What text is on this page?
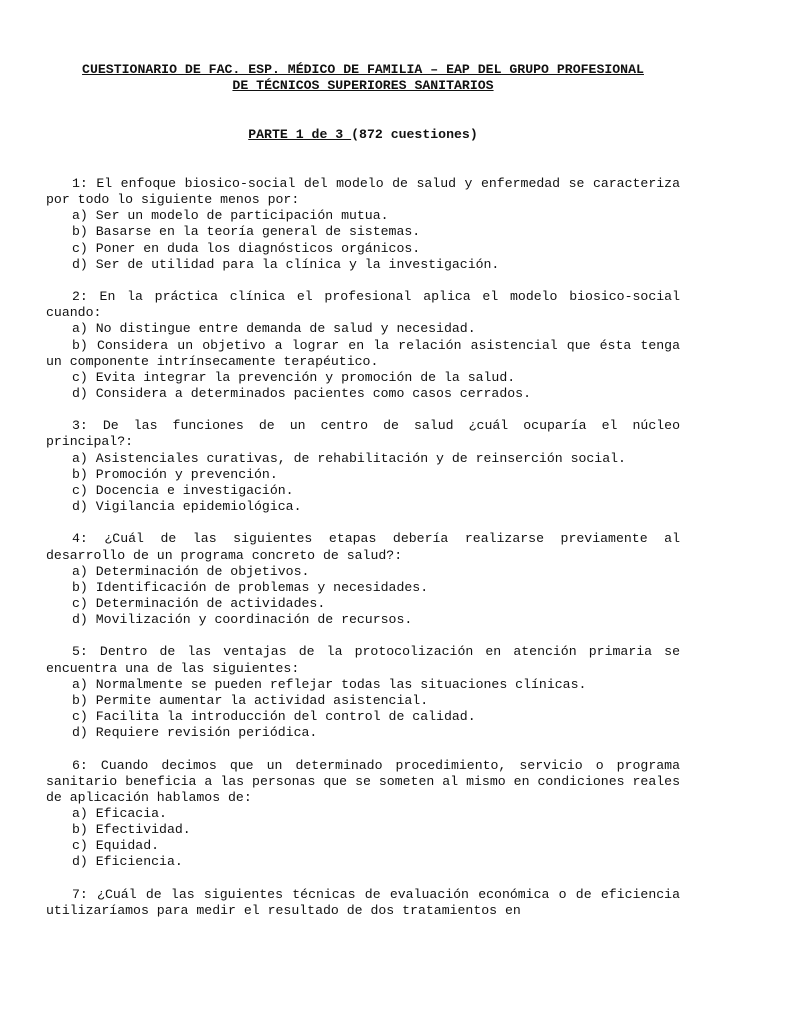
CUESTIONARIO DE FAC. ESP. MÉDICO DE FAMILIA – EAP DEL GRUPO PROFESIONAL
DE TÉCNICOS SUPERIORES SANITARIOS
PARTE 1 de 3 (872 cuestiones)
1: El enfoque biosico-social del modelo de salud y enfermedad se caracteriza por todo lo siguiente menos por:
a) Ser un modelo de participación mutua.
b) Basarse en la teoría general de sistemas.
c) Poner en duda los diagnósticos orgánicos.
d) Ser de utilidad para la clínica y la investigación.
2: En la práctica clínica el profesional aplica el modelo biosico-social cuando:
a) No distingue entre demanda de salud y necesidad.
b) Considera un objetivo a lograr en la relación asistencial que ésta tenga un componente intrínsecamente terapéutico.
c) Evita integrar la prevención y promoción de la salud.
d) Considera a determinados pacientes como casos cerrados.
3: De las funciones de un centro de salud ¿cuál ocuparía el núcleo principal?:
a) Asistenciales curativas, de rehabilitación y de reinserción social.
b) Promoción y prevención.
c) Docencia e investigación.
d) Vigilancia epidemiológica.
4: ¿Cuál de las siguientes etapas debería realizarse previamente al desarrollo de un programa concreto de salud?:
a) Determinación de objetivos.
b) Identificación de problemas y necesidades.
c) Determinación de actividades.
d) Movilización y coordinación de recursos.
5: Dentro de las ventajas de la protocolización en atención primaria se encuentra una de las siguientes:
a) Normalmente se pueden reflejar todas las situaciones clínicas.
b) Permite aumentar la actividad asistencial.
c) Facilita la introducción del control de calidad.
d) Requiere revisión periódica.
6: Cuando decimos que un determinado procedimiento, servicio o programa sanitario beneficia a las personas que se someten al mismo en condiciones reales de aplicación hablamos de:
a) Eficacia.
b) Efectividad.
c) Equidad.
d) Eficiencia.
7: ¿Cuál de las siguientes técnicas de evaluación económica o de eficiencia utilizaríamos para medir el resultado de dos tratamientos en
